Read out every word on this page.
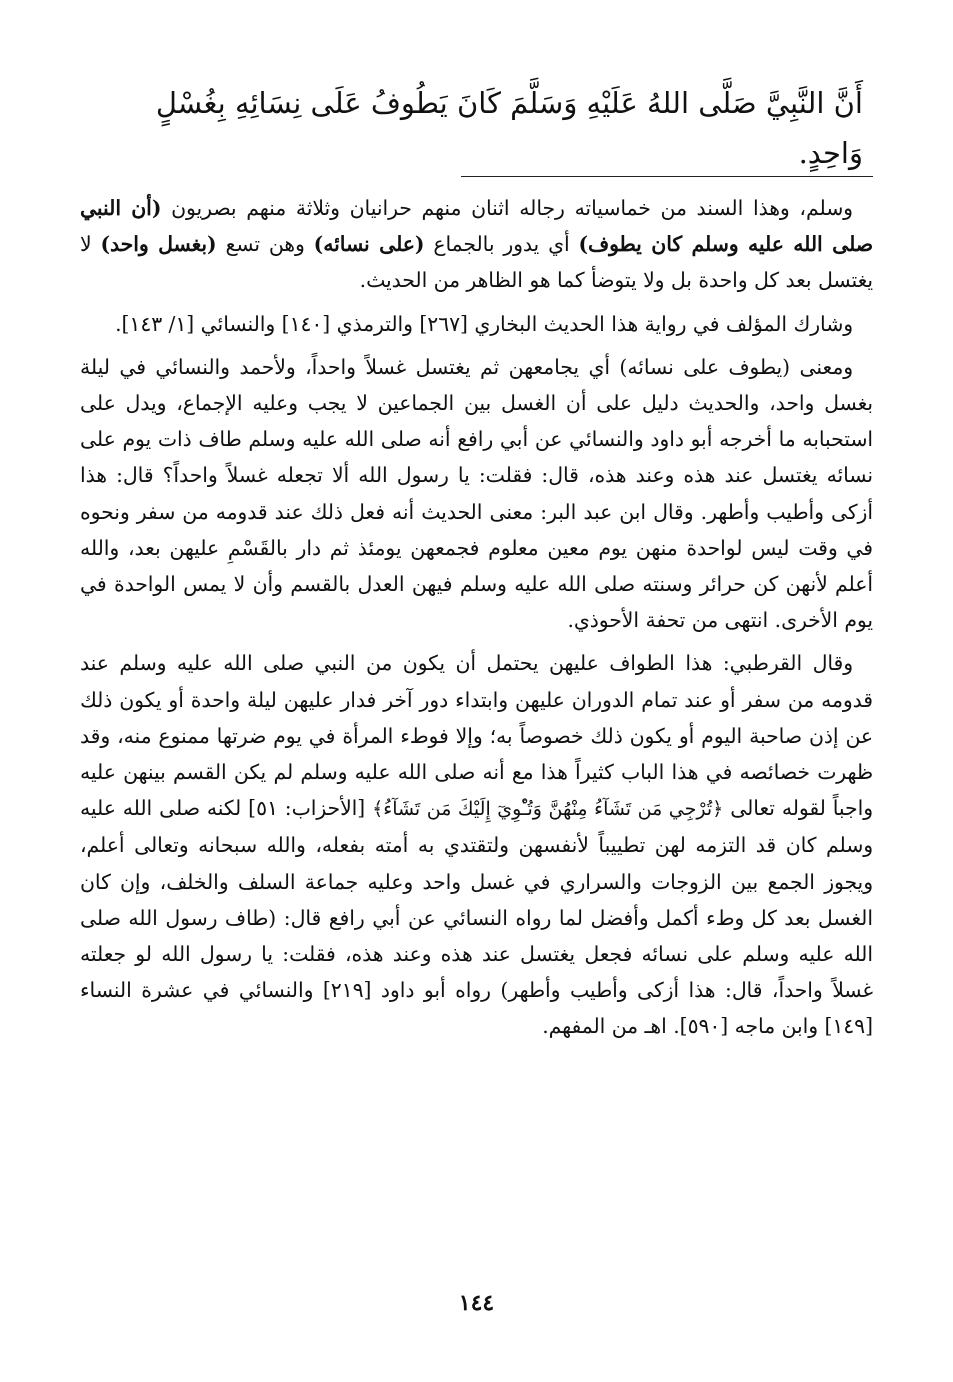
أَنَّ النَّبِيَّ صَلَّى اللهُ عَلَيْهِ وَسَلَّمَ كَانَ يَطُوفُ عَلَى نِسَائِهِ بِغُسْلٍ وَاحِدٍ.

وسلم، وهذا السند من خماسياته رجاله اثنان منهم حرانيان وثلاثة منهم بصريون (أن النبي صلى الله عليه وسلم كان يطوف) أي يدور بالجماع (على نسائه) وهن تسع (بغسل واحد) لا يغتسل بعد كل واحدة بل ولا يتوضأ كما هو الظاهر من الحديث.

وشارك المؤلف في رواية هذا الحديث البخاري [٢٦٧] والترمذي [١٤٠] والنسائي [١/ ١٤٣].

ومعنى (يطوف على نسائه) أي يجامعهن ثم يغتسل غسلاً واحداً، ولأحمد والنسائي في ليلة بغسل واحد، والحديث دليل على أن الغسل بين الجماعين لا يجب وعليه الإجماع، ويدل على استحبابه ما أخرجه أبو داود والنسائي عن أبي رافع أنه صلى الله عليه وسلم طاف ذات يوم على نسائه يغتسل عند هذه وعند هذه، قال: فقلت: يا رسول الله ألا تجعله غسلاً واحداً؟ قال: هذا أزكى وأطيب وأطهر. وقال ابن عبد البر: معنى الحديث أنه فعل ذلك عند قدومه من سفر ونحوه في وقت ليس لواحدة منهن يوم معين معلوم فجمعهن يومئذ ثم دار بالقَسْمِ عليهن بعد، والله أعلم لأنهن كن حرائر وسنته صلى الله عليه وسلم فيهن العدل بالقسم وأن لا يمس الواحدة في يوم الأخرى. انتهى من تحفة الأحوذي.

وقال القرطبي: هذا الطواف عليهن يحتمل أن يكون من النبي صلى الله عليه وسلم عند قدومه من سفر أو عند تمام الدوران عليهن وابتداء دور آخر فدار عليهن ليلة واحدة أو يكون ذلك عن إذن صاحبة اليوم أو يكون ذلك خصوصاً به؛ وإلا فوطء المرأة في يوم ضرتها ممنوع منه، وقد ظهرت خصائصه في هذا الباب كثيراً هذا مع أنه صلى الله عليه وسلم لم يكن القسم بينهن عليه واجباً لقوله تعالى ﴿تُرْجِي مَن تَشَآءُ مِنْهُنَّ وَتُـْٔوِيٓ إِلَيْكَ مَن تَشَآءُ﴾ [الأحزاب: ٥١] لكنه صلى الله عليه وسلم كان قد التزمه لهن تطييباً لأنفسهن ولتقتدي به أمته بفعله، والله سبحانه وتعالى أعلم، ويجوز الجمع بين الزوجات والسراري في غسل واحد وعليه جماعة السلف والخلف، وإن كان الغسل بعد كل وطء أكمل وأفضل لما رواه النسائي عن أبي رافع قال: (طاف رسول الله صلى الله عليه وسلم على نسائه فجعل يغتسل عند هذه وعند هذه، فقلت: يا رسول الله لو جعلته غسلاً واحداً، قال: هذا أزكى وأطيب وأطهر) رواه أبو داود [٢١٩] والنسائي في عشرة النساء [١٤٩] وابن ماجه [٥٩٠]. اهـ من المفهم.

١٤٤
